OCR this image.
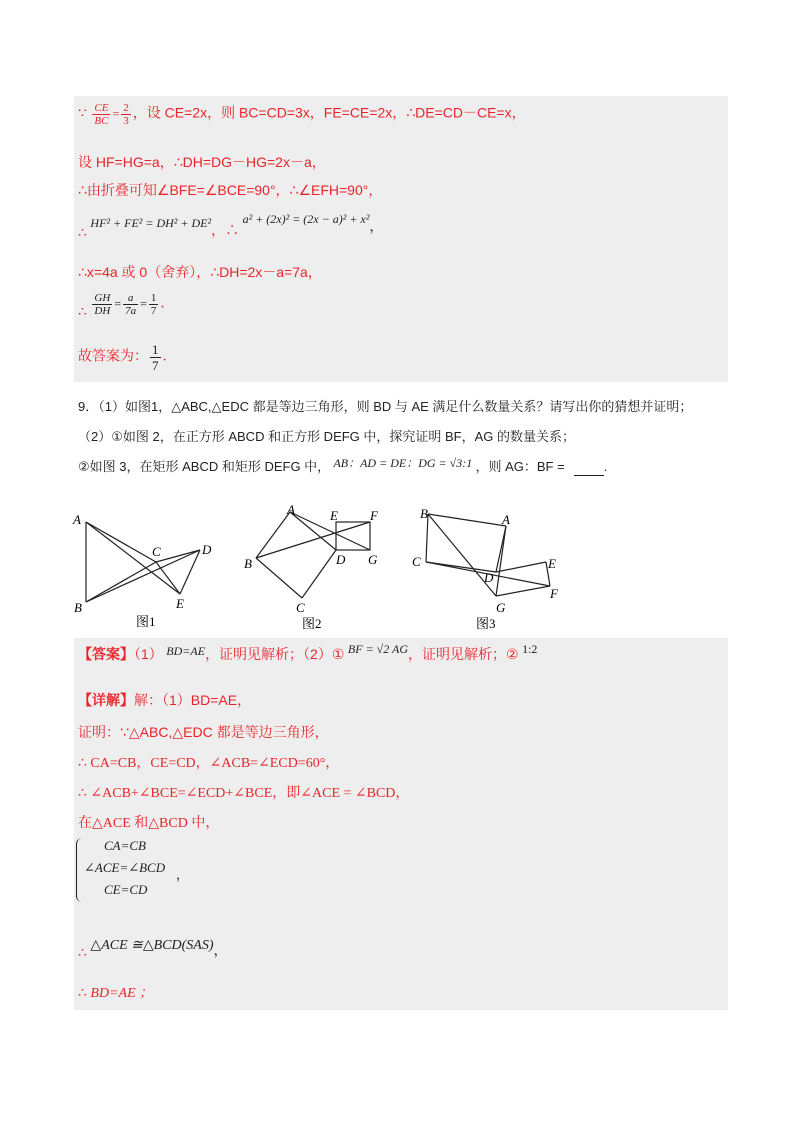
∵ $\frac{CE}{BC} = \frac{2}{3}$ ，设 CE=2x，则 BC=CD=3x，FE=CE=2x，∴DE=CD－CE=x，
设 HF=HG=a，∴DH=DG－HG=2x－a，
∴由折叠可知∠BFE=∠BCE=90°，∴∠EFH=90°，
∴ HF² + FE² = DH² + DE²，∴ a² + (2x)² = (2x − a)² + x²，
∴x=4a 或 0（舍弃），∴DH=2x－a=7a，
∴ $\frac{GH}{DH} = \frac{a}{7a} = \frac{1}{7}$ ．
故答案为： $\frac{1}{7}$ ．
9．（1）如图1，△ABC,△EDC 都是等边三角形，则 BD 与 AE 满足什么数量关系？请写出你的猜想并证明；
（2）①如图 2，在正方形 ABCD 和正方形 DEFG 中，探究证明 BF，AG 的数量关系；
②如图 3，在矩形 ABCD 和矩形 DEFG 中， AB：AD = DE：DG = √3:1 ，则 AG：BF =	.
A
B
C	D
E
图1
A
B
C
D
E F
G
图2
B	A
C
D
E
F
G
图3
【答案】（1） BD=AE，证明见解析；（2）① BF = √2 AG，证明见解析；② 1:2
【详解】解：（1）BD=AE，
证明：∵△ABC,△EDC 都是等边三角形，
∴ CA=CB，CE=CD，∠ACB=∠ECD=60°，
∴ ∠ACB+∠BCE=∠ECD+∠BCE，即∠ACE = ∠BCD，
在△ACE 和△BCD 中，
CA=CB
∠ACE=∠BCD
CE=CD
，
∴ △ACE ≅△BCD(SAS)，
∴ BD=AE ；
